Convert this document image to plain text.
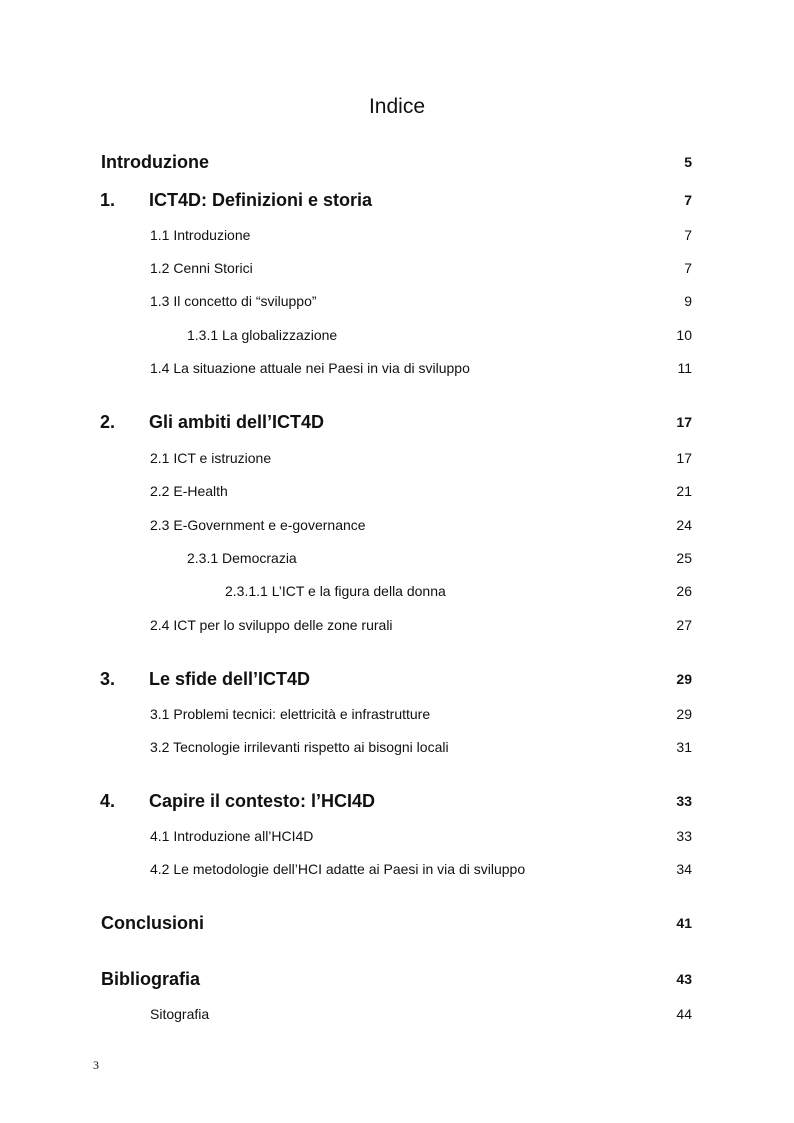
Indice
Introduzione	5
1. ICT4D: Definizioni e storia	7
1.1 Introduzione	7
1.2 Cenni Storici	7
1.3 Il concetto di “sviluppo”	9
1.3.1 La globalizzazione	10
1.4 La situazione attuale nei Paesi in via di sviluppo	11
2. Gli ambiti dell’ICT4D	17
2.1 ICT e istruzione	17
2.2 E-Health	21
2.3 E-Government e e-governance	24
2.3.1 Democrazia	25
2.3.1.1 L’ICT e la figura della donna	26
2.4 ICT per lo sviluppo delle zone rurali	27
3. Le sfide dell’ICT4D	29
3.1 Problemi tecnici: elettricità e infrastrutture	29
3.2 Tecnologie irrilevanti rispetto ai bisogni locali	31
4. Capire il contesto: l’HCI4D	33
4.1 Introduzione all’HCI4D	33
4.2 Le metodologie dell’HCI adatte ai Paesi in via di sviluppo	34
Conclusioni	41
Bibliografia	43
Sitografia	44
3
